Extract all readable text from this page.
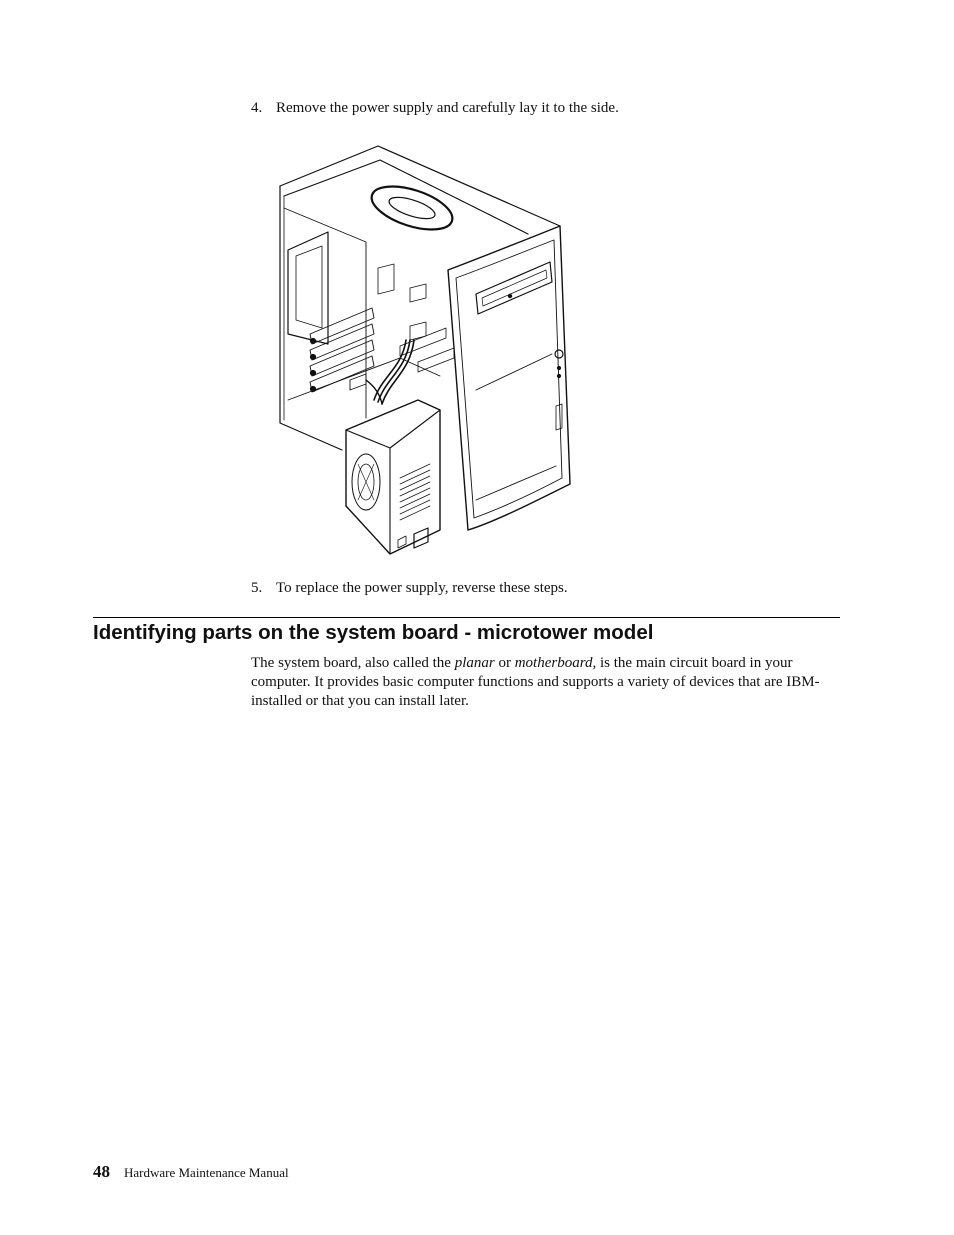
4. Remove the power supply and carefully lay it to the side.
5. To replace the power supply, reverse these steps.
Identifying parts on the system board - microtower model

The system board, also called the planar or motherboard, is the main circuit board in your computer. It provides basic computer functions and supports a variety of devices that are IBM-installed or that you can install later.

48 Hardware Maintenance Manual
